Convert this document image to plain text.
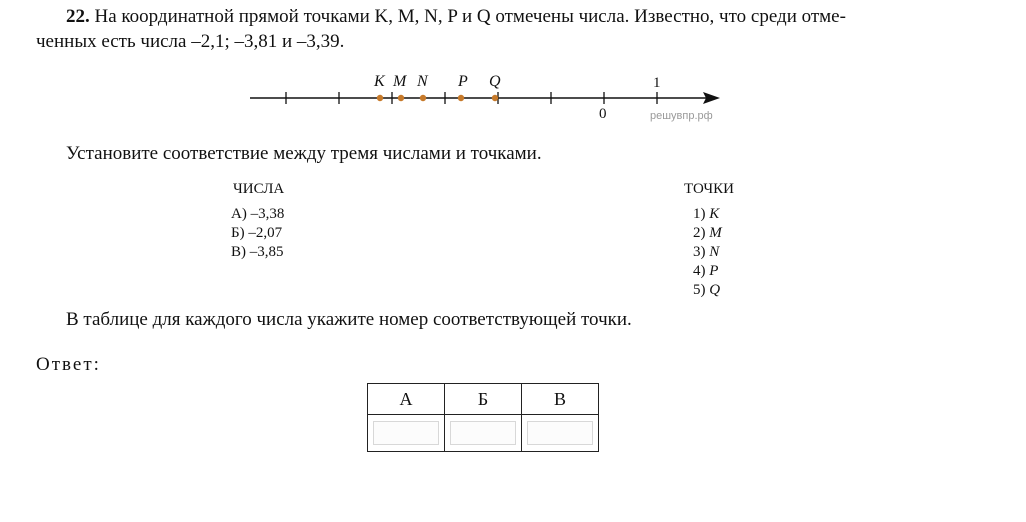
22. На координатной прямой точками K, M, N, P и Q отмечены числа. Известно, что среди отме-
ченных есть числа –2,1; –3,81 и –3,39.
K M N P Q
0
1
решувпр.рф
Установите соответствие между тремя числами и точками.
ЧИСЛА	ТОЧКИ
А) –3,38
Б) –2,07
В) –3,85
1) K
2) M
3) N
4) P
5) Q
В таблице для каждого числа укажите номер соответствующей точки.
Ответ:
А	Б	В
